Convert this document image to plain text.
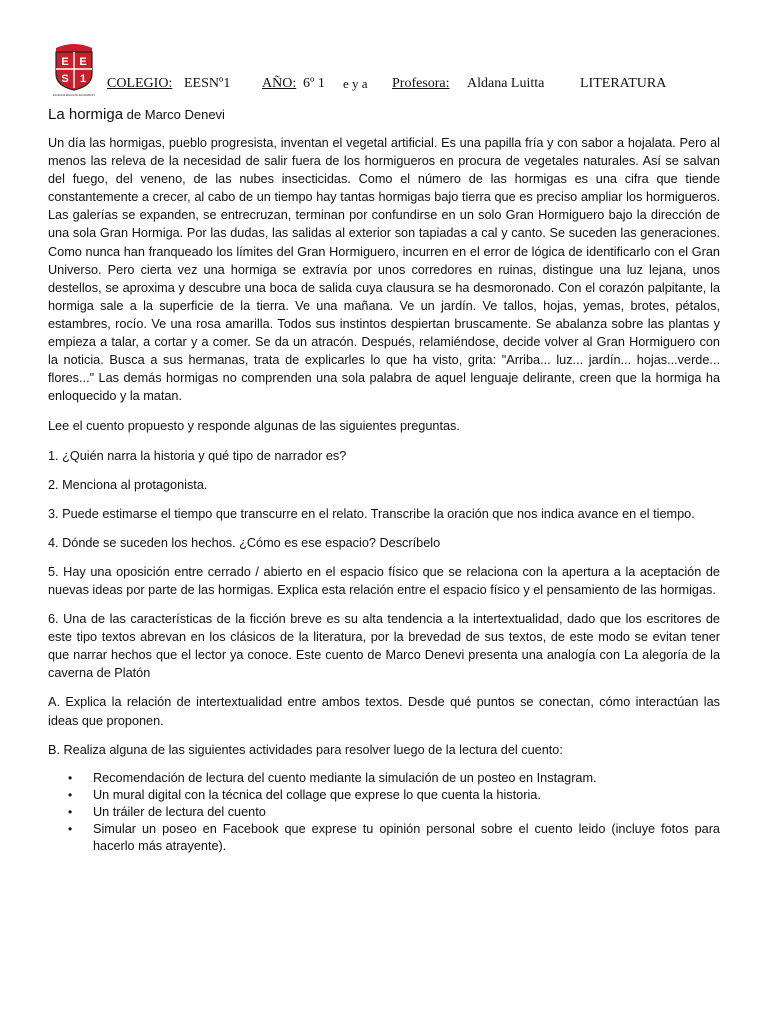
E E
S 1
ESCUELA DE EDUCACIÓN SECUNDARIA Nº1
COLEGIO: EESNº1 AÑO: 6º 1 e y a Profesora: Aldana Luitta	LITERATURA
La hormiga de Marco Denevi

Un día las hormigas, pueblo progresista, inventan el vegetal artificial. Es una papilla fría y con sabor a hojalata. Pero al menos las releva de la necesidad de salir fuera de los hormigueros en procura de vegetales naturales. Así se salvan del fuego, del veneno, de las nubes insecticidas. Como el número de las hormigas es una cifra que tiende constantemente a crecer, al cabo de un tiempo hay tantas hormigas bajo tierra que es preciso ampliar los hormigueros. Las galerías se expanden, se entrecruzan, terminan por confundirse en un solo Gran Hormiguero bajo la dirección de una sola Gran Hormiga. Por las dudas, las salidas al exterior son tapiadas a cal y canto. Se suceden las generaciones. Como nunca han franqueado los límites del Gran Hormiguero, incurren en el error de lógica de identificarlo con el Gran Universo. Pero cierta vez una hormiga se extravía por unos corredores en ruinas, distingue una luz lejana, unos destellos, se aproxima y descubre una boca de salida cuya clausura se ha desmoronado. Con el corazón palpitante, la hormiga sale a la superficie de la tierra. Ve una mañana. Ve un jardín. Ve tallos, hojas, yemas, brotes, pétalos, estambres, rocío. Ve una rosa amarilla. Todos sus instintos despiertan bruscamente. Se abalanza sobre las plantas y empieza a talar, a cortar y a comer. Se da un atracón. Después, relamiéndose, decide volver al Gran Hormiguero con la noticia. Busca a sus hermanas, trata de explicarles lo que ha visto, grita: "Arriba... luz... jardín... hojas...verde... flores..." Las demás hormigas no comprenden una sola palabra de aquel lenguaje delirante, creen que la hormiga ha enloquecido y la matan.

Lee el cuento propuesto y responde algunas de las siguientes preguntas.

1. ¿Quién narra la historia y qué tipo de narrador es?

2. Menciona al protagonista.

3. Puede estimarse el tiempo que transcurre en el relato. Transcribe la oración que nos indica avance en el tiempo.

4. Dónde se suceden los hechos. ¿Cómo es ese espacio? Descríbelo

5. Hay una oposición entre cerrado / abierto en el espacio físico que se relaciona con la apertura a la aceptación de nuevas ideas por parte de las hormigas. Explica esta relación entre el espacio físico y el pensamiento de las hormigas.

6. Una de las características de la ficción breve es su alta tendencia a la intertextualidad, dado que los escritores de este tipo textos abrevan en los clásicos de la literatura, por la brevedad de sus textos, de este modo se evitan tener que narrar hechos que el lector ya conoce. Este cuento de Marco Denevi presenta una analogía con La alegoría de la caverna de Platón

A. Explica la relación de intertextualidad entre ambos textos. Desde qué puntos se conectan, cómo interactúan las ideas que proponen.

B. Realiza alguna de las siguientes actividades para resolver luego de la lectura del cuento:

• Recomendación de lectura del cuento mediante la simulación de un posteo en Instagram.
• Un mural digital con la técnica del collage que exprese lo que cuenta la historia.
• Un tráiler de lectura del cuento
• Simular un poseo en Facebook que exprese tu opinión personal sobre el cuento leido (incluye fotos para hacerlo más atrayente).
